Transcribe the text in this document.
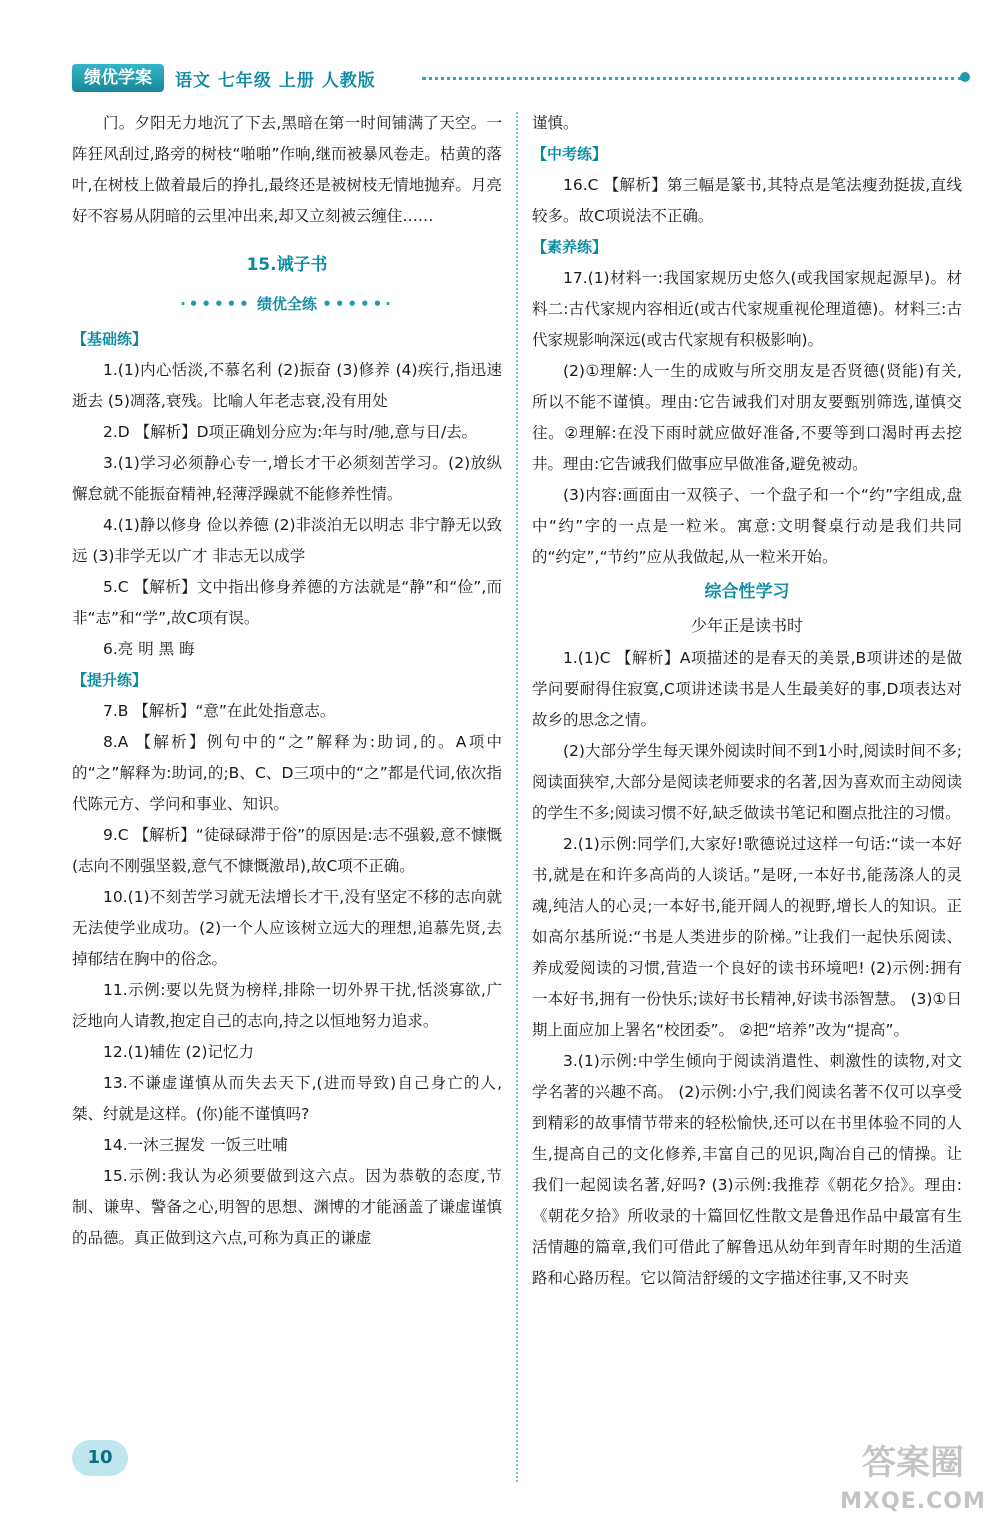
绩优学案	语文 七年级 上册 人教版

门。夕阳无力地沉了下去,黑暗在第一时间铺满了天空。一阵狂风刮过,路旁的树枝“啪啪”作响,继而被暴风卷走。枯黄的落叶,在树枝上做着最后的挣扎,最终还是被树枝无情地抛弃。月亮好不容易从阴暗的云里冲出来,却又立刻被云缠住……

15.诫子书
·••••• 绩优全练 •••••·
【基础练】

1.(1)内心恬淡,不慕名利 (2)振奋 (3)修养 (4)疾行,指迅速逝去 (5)凋落,衰残。比喻人年老志衰,没有用处

2.D 【解析】D项正确划分应为:年与时/驰,意与日/去。

3.(1)学习必须静心专一,增长才干必须刻苦学习。(2)放纵懈怠就不能振奋精神,轻薄浮躁就不能修养性情。

4.(1)静以修身 俭以养德 (2)非淡泊无以明志 非宁静无以致远 (3)非学无以广才 非志无以成学

5.C 【解析】文中指出修身养德的方法就是“静”和“俭”,而非“志”和“学”,故C项有误。

6.亮 明 黑 晦

【提升练】

7.B 【解析】“意”在此处指意志。

8.A 【解析】例句中的“之”解释为:助词,的。A项中的“之”解释为:助词,的;B、C、D三项中的“之”都是代词,依次指代陈元方、学问和事业、知识。

9.C 【解析】“徒碌碌滞于俗”的原因是:志不强毅,意不慷慨(志向不刚强坚毅,意气不慷慨激昂),故C项不正确。

10.(1)不刻苦学习就无法增长才干,没有坚定不移的志向就无法使学业成功。(2)一个人应该树立远大的理想,追慕先贤,去掉郁结在胸中的俗念。

11.示例:要以先贤为榜样,排除一切外界干扰,恬淡寡欲,广泛地向人请教,抱定自己的志向,持之以恒地努力追求。

12.(1)辅佐 (2)记忆力

13.不谦虚谨慎从而失去天下,(进而导致)自己身亡的人,桀、纣就是这样。(你)能不谨慎吗?

14.一沐三握发 一饭三吐哺

15.示例:我认为必须要做到这六点。因为恭敬的态度,节制、谦卑、警备之心,明智的思想、渊博的才能涵盖了谦虚谨慎的品德。真正做到这六点,可称为真正的谦虚

谨慎。

【中考练】

16.C 【解析】第三幅是篆书,其特点是笔法瘦劲挺拔,直线较多。故C项说法不正确。

【素养练】

17.(1)材料一:我国家规历史悠久(或我国家规起源早)。材料二:古代家规内容相近(或古代家规重视伦理道德)。材料三:古代家规影响深远(或古代家规有积极影响)。

(2)①理解:人一生的成败与所交朋友是否贤德(贤能)有关,所以不能不谨慎。理由:它告诫我们对朋友要甄别筛选,谨慎交往。②理解:在没下雨时就应做好准备,不要等到口渴时再去挖井。理由:它告诫我们做事应早做准备,避免被动。

(3)内容:画面由一双筷子、一个盘子和一个“约”字组成,盘中“约”字的一点是一粒米。寓意:文明餐桌行动是我们共同的“约定”,“节约”应从我做起,从一粒米开始。

综合性学习
少年正是读书时

1.(1)C 【解析】A项描述的是春天的美景,B项讲述的是做学问要耐得住寂寞,C项讲述读书是人生最美好的事,D项表达对故乡的思念之情。

(2)大部分学生每天课外阅读时间不到1小时,阅读时间不多;阅读面狭窄,大部分是阅读老师要求的名著,因为喜欢而主动阅读的学生不多;阅读习惯不好,缺乏做读书笔记和圈点批注的习惯。

2.(1)示例:同学们,大家好!歌德说过这样一句话:“读一本好书,就是在和许多高尚的人谈话。”是呀,一本好书,能荡涤人的灵魂,纯洁人的心灵;一本好书,能开阔人的视野,增长人的知识。正如高尔基所说:“书是人类进步的阶梯。”让我们一起快乐阅读、养成爱阅读的习惯,营造一个良好的读书环境吧! (2)示例:拥有一本好书,拥有一份快乐;读好书长精神,好读书添智慧。 (3)①日期上面应加上署名“校团委”。 ②把“培养”改为“提高”。

3.(1)示例:中学生倾向于阅读消遣性、刺激性的读物,对文学名著的兴趣不高。 (2)示例:小宁,我们阅读名著不仅可以享受到精彩的故事情节带来的轻松愉快,还可以在书里体验不同的人生,提高自己的文化修养,丰富自己的见识,陶冶自己的情操。让我们一起阅读名著,好吗? (3)示例:我推荐《朝花夕拾》。理由:《朝花夕拾》所收录的十篇回忆性散文是鲁迅作品中最富有生活情趣的篇章,我们可借此了解鲁迅从幼年到青年时期的生活道路和心路历程。它以简洁舒缓的文字描述往事,又不时夹

10	答案圈
MXQE.COM
